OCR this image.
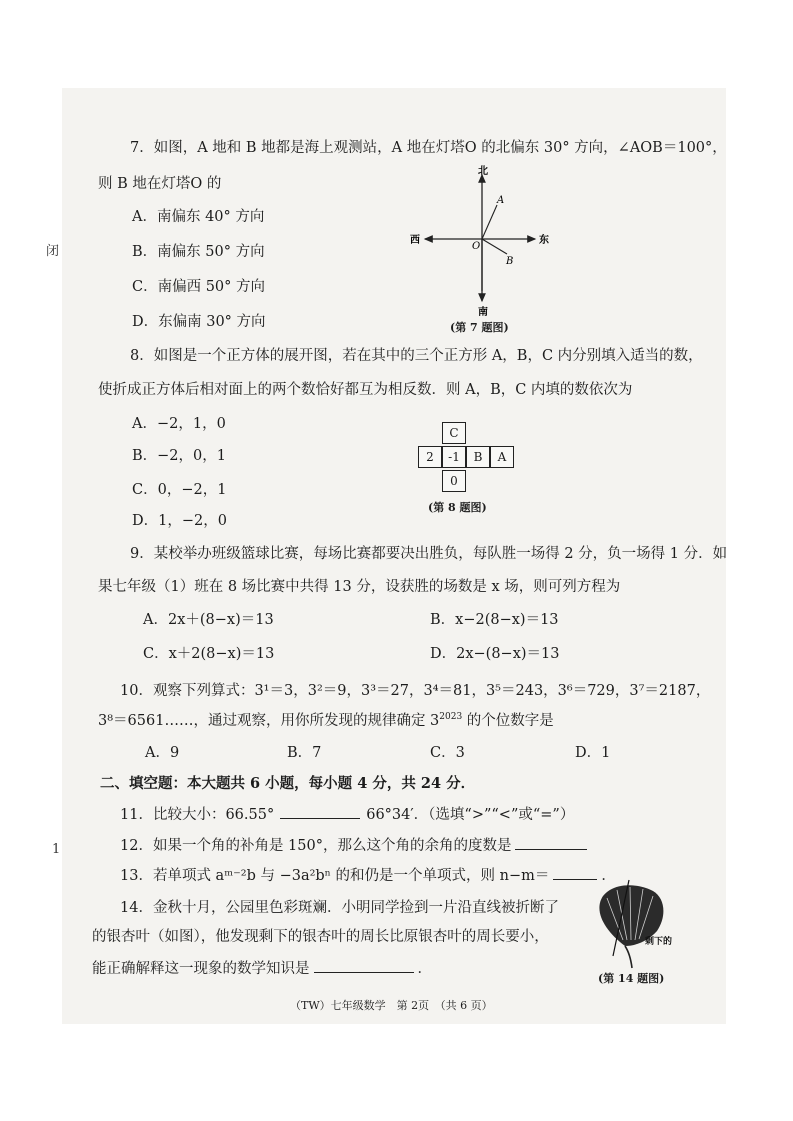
闭
1
7．如图，A 地和 B 地都是海上观测站，A 地在灯塔O 的北偏东 30° 方向，∠AOB＝100°，
则 B 地在灯塔O 的
A．南偏东 40° 方向
B．南偏东 50° 方向
C．南偏西 50° 方向
D．东偏南 30° 方向
北
南
西	东
O
A
B
(第 7 题图)
8．如图是一个正方体的展开图，若在其中的三个正方形 A，B，C 内分别填入适当的数，
使折成正方体后相对面上的两个数恰好都互为相反数．则 A，B，C 内填的数依次为
A．−2，1，0
B．−2，0，1
C．0，−2，1
D．1，−2，0
C
2	-1	B	A
0
(第 8 题图)
9．某校举办班级篮球比赛，每场比赛都要决出胜负，每队胜一场得 2 分，负一场得 1 分．如
果七年级（1）班在 8 场比赛中共得 13 分，设获胜的场数是 x 场，则可列方程为
A．2x＋(8−x)＝13	B．x−2(8−x)＝13
C．x＋2(8−x)＝13	D．2x−(8−x)＝13
10．观察下列算式：3¹＝3，3²＝9，3³＝27，3⁴＝81，3⁵＝243，3⁶＝729，3⁷＝2187，
3⁸＝6561……，通过观察，用你所发现的规律确定 $3^{2023}$ 的个位数字是
A．9	B．7	C．3	D．1
二、填空题：本大题共 6 小题，每小题 4 分，共 24 分．
11．比较大小：66.55°	66°34′．（选填“>”“<”或“=”）
12．如果一个角的补角是 150°，那么这个角的余角的度数是
13．若单项式 aᵐ⁻²b 与 −3a²bⁿ 的和仍是一个单项式，则 n−m＝	．
14．金秋十月，公园里色彩斑斓．小明同学捡到一片沿直线被折断了
的银杏叶（如图），他发现剩下的银杏叶的周长比原银杏叶的周长要小，
能正确解释这一现象的数学知识是	．
剩下的
(第 14 题图)
（TW）七年级数学　第 2页　（共 6 页）
